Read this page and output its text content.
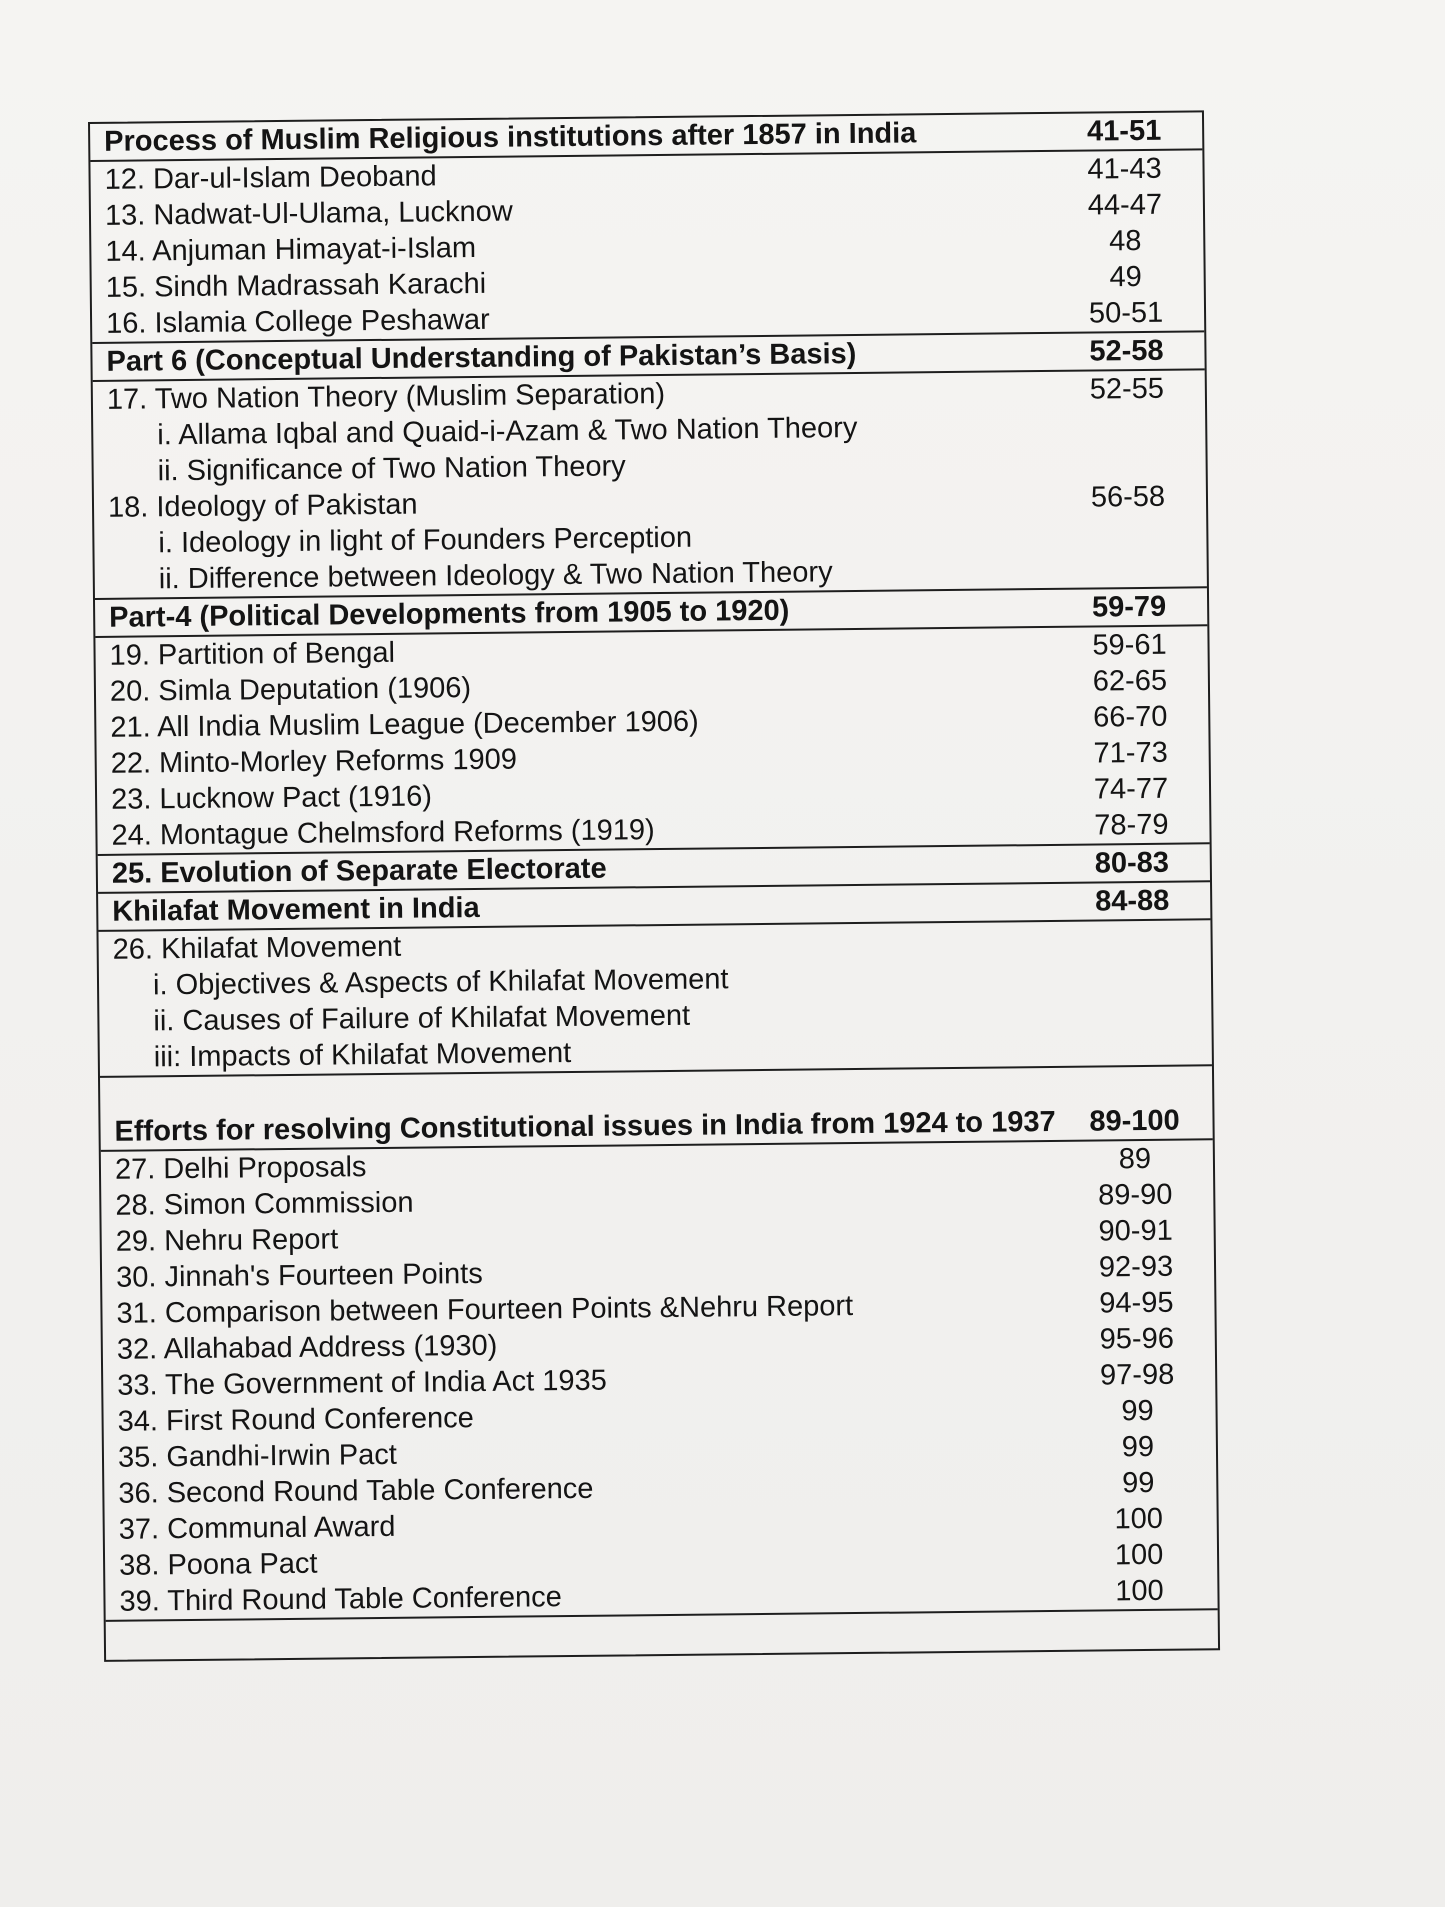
Process of Muslim Religious institutions after 1857 in India	41-51
12. Dar-ul-Islam Deoband	41-43
13. Nadwat-Ul-Ulama, Lucknow	44-47
14. Anjuman Himayat-i-Islam	48
15. Sindh Madrassah Karachi	49
16. Islamia College Peshawar	50-51
Part 6 (Conceptual Understanding of Pakistan’s Basis)	52-58
17. Two Nation Theory (Muslim Separation)	52-55
i. Allama Iqbal and Quaid-i-Azam & Two Nation Theory
ii. Significance of Two Nation Theory
18. Ideology of Pakistan	56-58
i. Ideology in light of Founders Perception
ii. Difference between Ideology & Two Nation Theory
Part-4 (Political Developments from 1905 to 1920)	59-79
19. Partition of Bengal	59-61
20. Simla Deputation (1906)	62-65
21. All India Muslim League (December 1906)	66-70
22. Minto-Morley Reforms 1909	71-73
23. Lucknow Pact (1916)	74-77
24. Montague Chelmsford Reforms (1919)	78-79
25. Evolution of Separate Electorate	80-83
Khilafat Movement in India	84-88
26. Khilafat Movement
i. Objectives & Aspects of Khilafat Movement
ii. Causes of Failure of Khilafat Movement
iii: Impacts of Khilafat Movement
Efforts for resolving Constitutional issues in India from 1924 to 1937	89-100
27. Delhi Proposals	89
28. Simon Commission	89-90
29. Nehru Report	90-91
30. Jinnah's Fourteen Points	92-93
31. Comparison between Fourteen Points &Nehru Report	94-95
32. Allahabad Address (1930)	95-96
33. The Government of India Act 1935	97-98
34. First Round Conference	99
35. Gandhi-Irwin Pact	99
36. Second Round Table Conference	99
37. Communal Award	100
38. Poona Pact	100
39. Third Round Table Conference	100
